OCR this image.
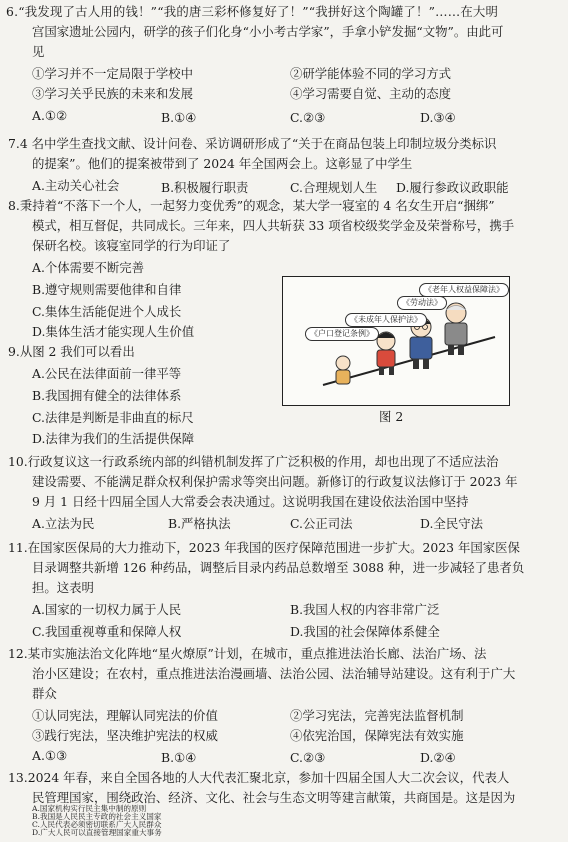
6.“我发现了古人用的钱！”“我的唐三彩杯修复好了！”“我拼好这个陶罐了！”……在大明
宫国家遗址公园内，研学的孩子们化身“小小考古学家”，手拿小铲发掘“文物”。由此可
见
①学习并不一定局限于学校中	②研学能体验不同的学习方式
③学习关乎民族的未来和发展	④学习需要自觉、主动的态度
A.①②	B.①④	C.②③	D.③④
7.4 名中学生查找文献、设计问卷、采访调研形成了“关于在商品包装上印制垃圾分类标识
的提案”。他们的提案被带到了 2024 年全国两会上。这彰显了中学生
A.主动关心社会	B.积极履行职责	C.合理规划人生 D.履行参政议政职能
8.秉持着“不落下一个人，一起努力变优秀”的观念，某大学一寝室的 4 名女生开启“捆绑”
模式，相互督促，共同成长。三年来，四人共斩获 33 项省校级奖学金及荣誉称号，携手
保研名校。该寝室同学的行为印证了
A.个体需要不断完善
B.遵守规则需要他律和自律
C.集体生活能促进个人成长
D.集体生活才能实现人生价值
9.从图 2 我们可以看出
A.公民在法律面前一律平等
B.我国拥有健全的法律体系
C.法律是判断是非曲直的标尺
D.法律为我们的生活提供保障
《户口登记条例》
《未成年人保护法》
《劳动法》
《老年人权益保障法》
图 2
10.行政复议这一行政系统内部的纠错机制发挥了广泛积极的作用，却也出现了不适应法治
建设需要、不能满足群众权利保护需求等突出问题。新修订的行政复议法修订于 2023 年
9 月 1 日经十四届全国人大常委会表决通过。这说明我国在建设依法治国中坚持
A.立法为民	B.严格执法	C.公正司法	D.全民守法
11.在国家医保局的大力推动下，2023 年我国的医疗保障范围进一步扩大。2023 年国家医保
目录调整共新增 126 种药品，调整后目录内药品总数增至 3088 种，进一步减轻了患者负
担。这表明
A.国家的一切权力属于人民	B.我国人权的内容非常广泛
C.我国重视尊重和保障人权	D.我国的社会保障体系健全
12.某市实施法治文化阵地“星火燎原”计划，在城市，重点推进法治长廊、法治广场、法
治小区建设；在农村，重点推进法治漫画墙、法治公园、法治辅导站建设。这有利于广大
群众
①认同宪法，理解认同宪法的价值	②学习宪法，完善宪法监督机制
③践行宪法，坚决维护宪法的权威	④依宪治国，保障宪法有效实施
A.①③	B.①④	C.②③	D.②④
13.2024 年春，来自全国各地的人大代表汇聚北京，参加十四届全国人大二次会议，代表人
民管理国家，围绕政治、经济、文化、社会与生态文明等建言献策，共商国是。这是因为
A.国家机构实行民主集中制的原则
B.我国是人民民主专政的社会主义国家
C.人民代表必须密切联系广大人民群众
D.广大人民可以直接管理国家重大事务
